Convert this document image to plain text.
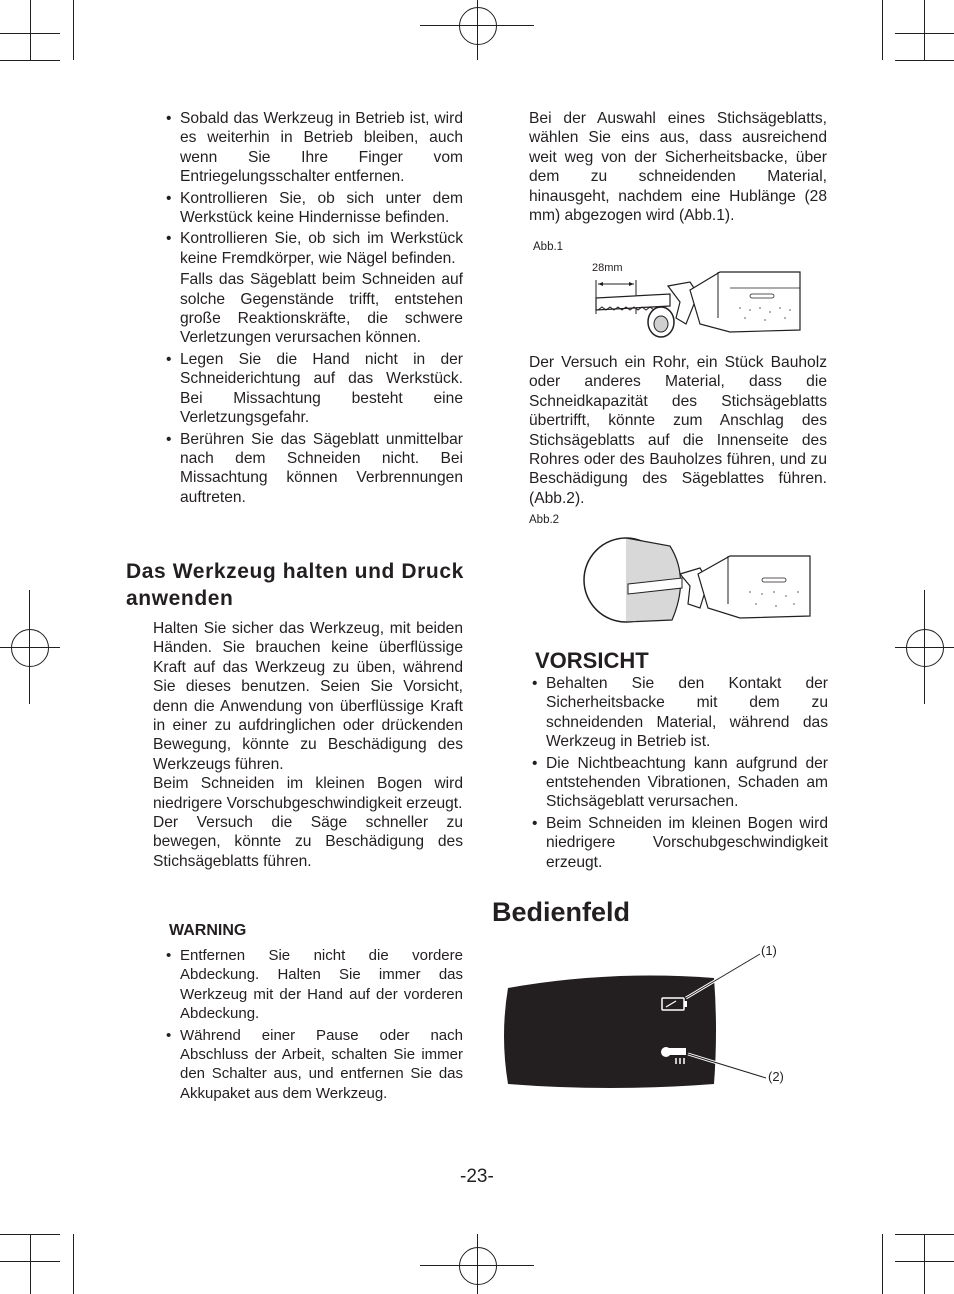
• Sobald das Werkzeug in Betrieb ist, wird es weiterhin in Betrieb bleiben, auch wenn Sie Ihre Finger vom Entriegelungsschalter entfernen.
• Kontrollieren Sie, ob sich unter dem Werkstück keine Hindernisse befinden.
• Kontrollieren Sie, ob sich im Werkstück keine Fremdkörper, wie Nägel befinden.
Falls das Sägeblatt beim Schneiden auf solche Gegenstände trifft, entstehen große Reaktionskräfte, die schwere Verletzungen verursachen können.
• Legen Sie die Hand nicht in der Schneiderichtung auf das Werkstück. Bei Missachtung besteht eine Verletzungsgefahr.
• Berühren Sie das Sägeblatt unmittelbar nach dem Schneiden nicht. Bei Missachtung können Verbrennungen auftreten.
Das Werkzeug halten und Druck anwenden

Halten Sie sicher das Werkzeug, mit beiden Händen. Sie brauchen keine überflüssige Kraft auf das Werkzeug zu üben, während Sie dieses benutzen. Seien Sie Vorsicht, denn die Anwendung von überflüssige Kraft in einer zu aufdringlichen oder drückenden Bewegung, könnte zu Beschädigung des Werkzeugs führen.

Beim Schneiden im kleinen Bogen wird niedrigere Vorschubgeschwindigkeit erzeugt.

Der Versuch die Säge schneller zu bewegen, könnte zu Beschädigung des Stichsägeblatts führen.

WARNING
• Entfernen Sie nicht die vordere Abdeckung. Halten Sie immer das Werkzeug mit der Hand auf der vorderen Abdeckung.
• Während einer Pause oder nach Abschluss der Arbeit, schalten Sie immer den Schalter aus, und entfernen Sie das Akkupaket aus dem Werkzeug.

Bei der Auswahl eines Stichsägeblatts, wählen Sie eins aus, dass ausreichend weit weg von der Sicherheitsbacke, über dem zu schneidenden Material, hinausgeht, nachdem eine Hublänge (28 mm) abgezogen wird (Abb.1).

Abb.1
28mm

Der Versuch ein Rohr, ein Stück Bauholz oder anderes Material, dass die Schneidkapazität des Stichsägeblatts übertrifft, könnte zum Anschlag des Stichsägeblatts auf die Innenseite des Rohres oder des Bauholzes führen, und zu Beschädigung des Sägeblattes führen. (Abb.2).

Abb.2
VORSICHT
• Behalten Sie den Kontakt der Sicherheitsbacke mit dem zu schneidenden Material, während das Werkzeug in Betrieb ist.
• Die Nichtbeachtung kann aufgrund der entstehenden Vibrationen, Schaden am Stichsägeblatt verursachen.
• Beim Schneiden im kleinen Bogen wird niedrigere Vorschubgeschwindigkeit erzeugt.
Bedienfeld
(1)
(2)
-23-
